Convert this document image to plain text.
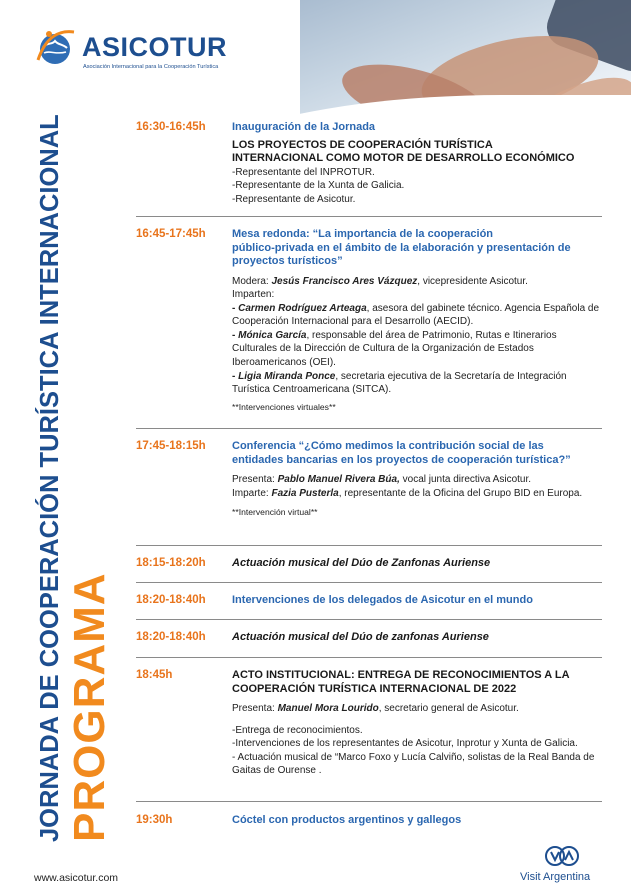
ASICOTUR
Asociación Internacional para la Cooperación Turística
JORNADA DE COOPERACIÓN TURÍSTICA INTERNACIONAL PROGRAMA
16:30-16:45h	Inauguración de la Jornada
LOS PROYECTOS DE COOPERACIÓN TURÍSTICA
INTERNACIONAL COMO MOTOR DE DESARROLLO ECONÓMICO
-Representante del INPROTUR.
-Representante de la Xunta de Galicia.
-Representante de Asicotur.
16:45-17:45h	Mesa redonda: “La importancia de la cooperación
público-privada en el ámbito de la elaboración y presentación de
proyectos turísticos”
Modera: Jesús Francisco Ares Vázquez, vicepresidente Asicotur.
Imparten:
- Carmen Rodríguez Arteaga, asesora del gabinete técnico. Agencia Española de Cooperación Internacional para el Desarrollo (AECID).
- Mónica García, responsable del área de Patrimonio, Rutas e Itinerarios Culturales de la Dirección de Cultura de la Organización de Estados Iberoamericanos (OEI).
- Ligia Miranda Ponce, secretaria ejecutiva de la Secretaría de Integración Turística Centroamericana (SITCA).
**Intervenciones virtuales**
17:45-18:15h	Conferencia “¿Cómo medimos la contribución social de las
entidades bancarias en los proyectos de cooperación turística?”
Presenta: Pablo Manuel Rivera Búa, vocal junta directiva Asicotur.
Imparte: Fazia Pusterla, representante de la Oficina del Grupo BID en Europa.
**Intervención virtual**
18:15-18:20h	Actuación musical del Dúo de Zanfonas Auriense
18:20-18:40h	Intervenciones de los delegados de Asicotur en el mundo
18:20-18:40h	Actuación musical del Dúo de zanfonas Auriense
18:45h	ACTO INSTITUCIONAL: ENTREGA DE RECONOCIMIENTOS A LA
COOPERACIÓN TURÍSTICA INTERNACIONAL DE 2022
Presenta: Manuel Mora Lourido, secretario general de Asicotur.
-Entrega de reconocimientos.
-Intervenciones de los representantes de Asicotur, Inprotur y Xunta de Galicia.
- Actuación musical de “Marco Foxo y Lucía Calviño, solistas de la Real Banda de Gaitas de Ourense .
19:30h	Cóctel con productos argentinos y gallegos
www.asicotur.com	Visit Argentina
